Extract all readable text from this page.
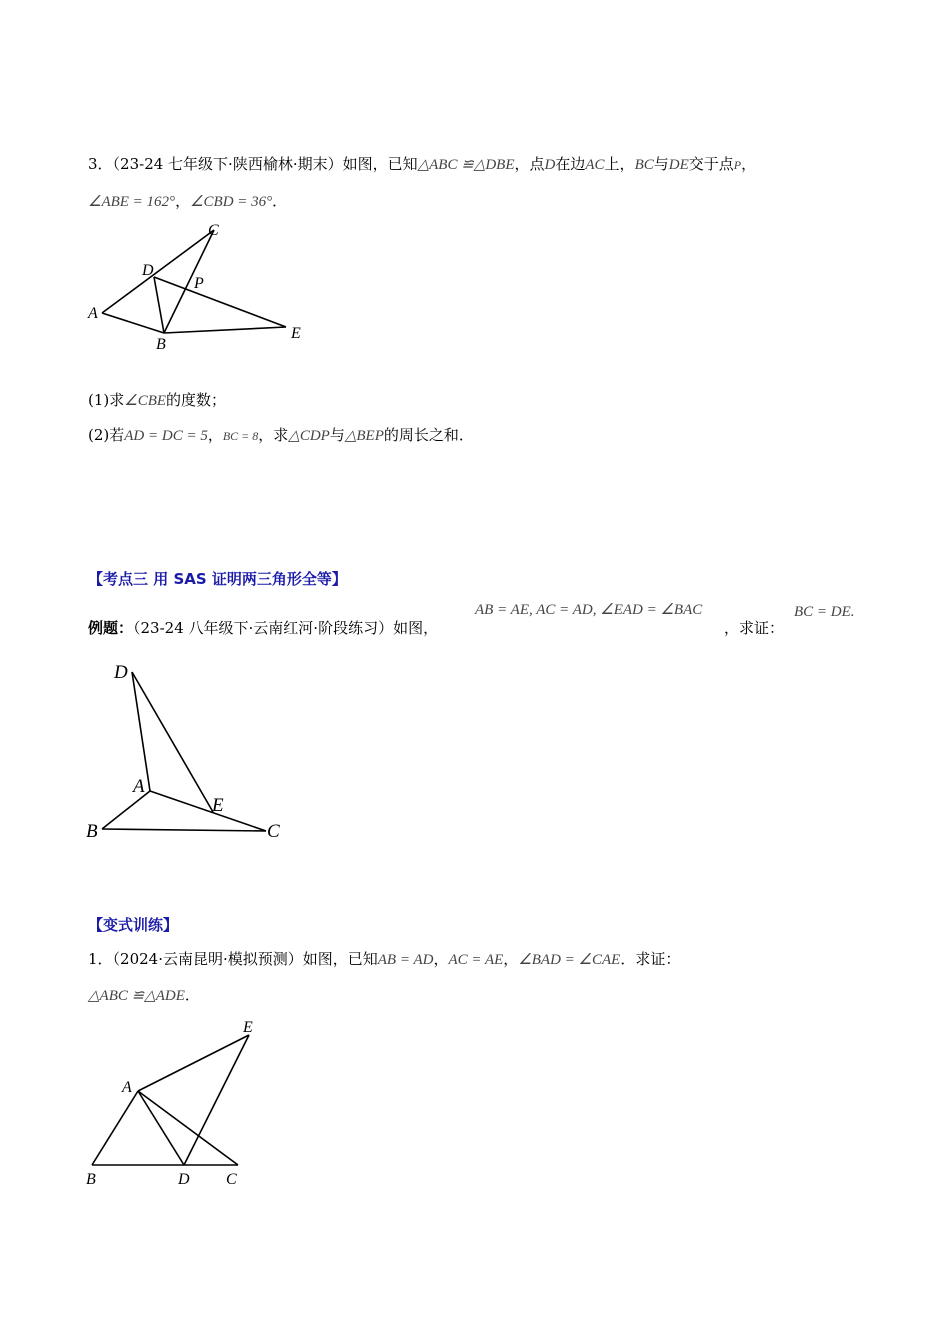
3．（23-24 七年级下·陕西榆林·期末）如图，已知△ABC ≌△DBE，点D在边AC上，BC与DE交于点P，
∠ABE = 162°，∠CBD = 36°．
C
D
P
A
E
B
(1)求∠CBE的度数；
(2)若AD = DC = 5，BC = 8，求△CDP与△BEP的周长之和．
【考点三 用 SAS 证明两三角形全等】
例题：（23-24 八年级下·云南红河·阶段练习）如图，
AB = AE, AC = AD, ∠EAD = ∠BAC
，求证：
BC = DE.
D
A
E
B	C
【变式训练】
1．（2024·云南昆明·模拟预测）如图，已知AB = AD，AC = AE，∠BAD = ∠CAE．求证：
△ABC ≌△ADE．
E
A
B	D C
